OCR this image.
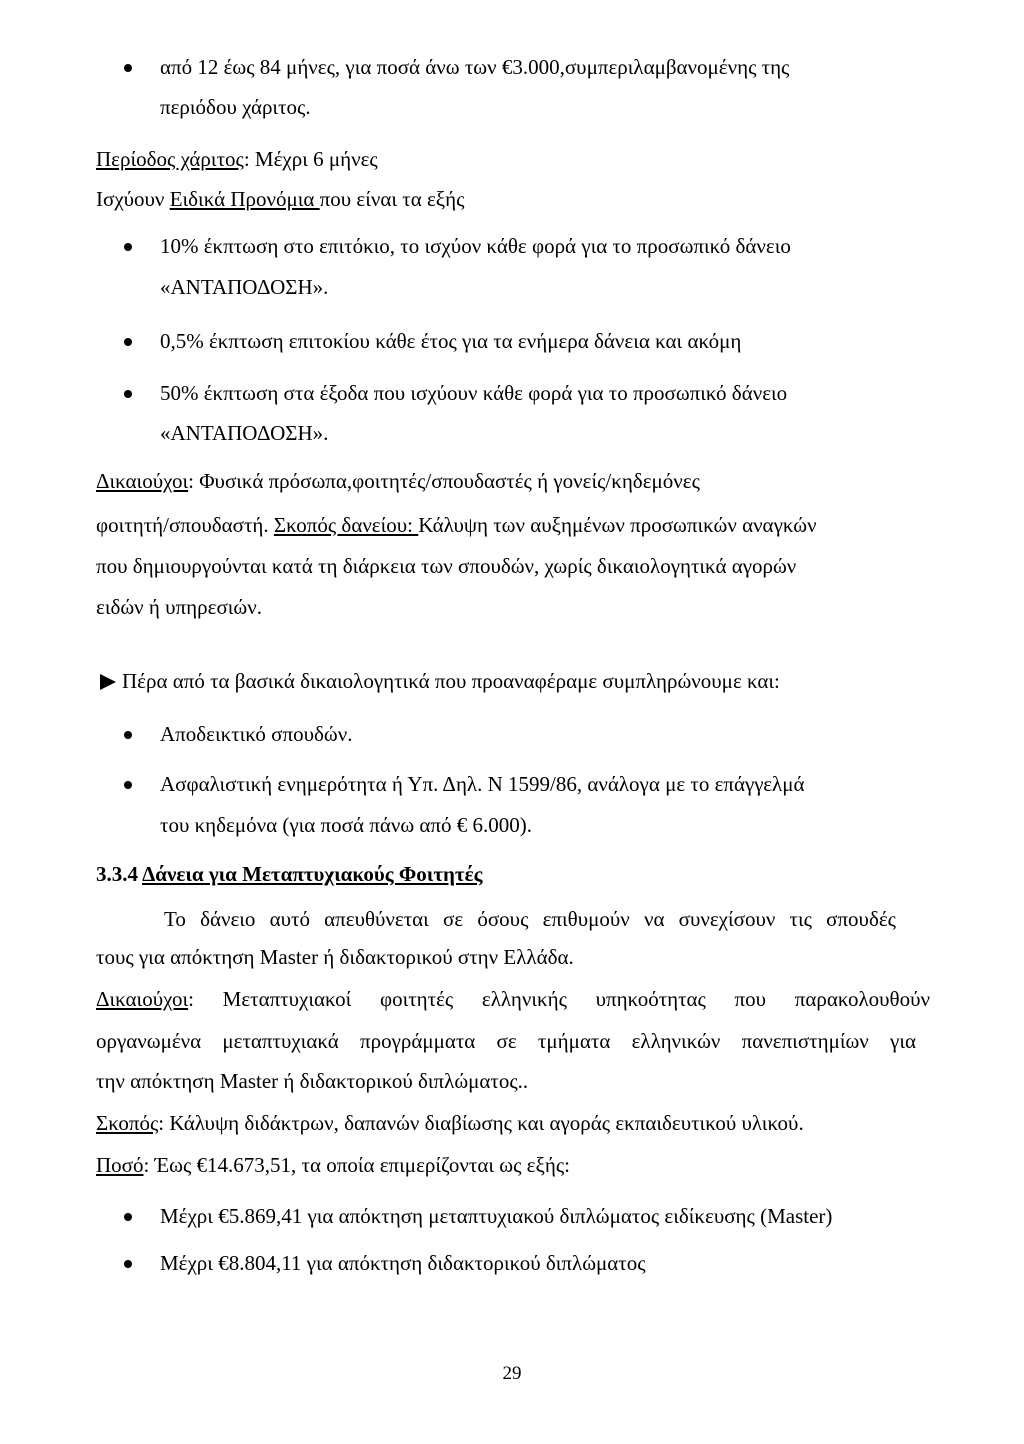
από 12 έως 84 μήνες, για ποσά άνω των €3.000,συμπεριλαμβανομένης της
περιόδου χάριτος.
Περίοδος χάριτος: Μέχρι 6 μήνες
Ισχύουν Ειδικά Προνόμια που είναι τα εξής
10% έκπτωση στο επιτόκιο, το ισχύον κάθε φορά για το προσωπικό δάνειο
«ΑΝΤΑΠΟΔΟΣΗ».
0,5% έκπτωση επιτοκίου κάθε έτος για τα ενήμερα δάνεια και ακόμη
50% έκπτωση στα έξοδα που ισχύουν κάθε φορά για το προσωπικό δάνειο
«ΑΝΤΑΠΟΔΟΣΗ».
Δικαιούχοι: Φυσικά πρόσωπα,φοιτητές/σπουδαστές ή γονείς/κηδεμόνες
φοιτητή/σπουδαστή. Σκοπός δανείου: Κάλυψη των αυξημένων προσωπικών αναγκών
που δημιουργούνται κατά τη διάρκεια των σπουδών, χωρίς δικαιολογητικά αγορών
ειδών ή υπηρεσιών.
Πέρα από τα βασικά δικαιολογητικά που προαναφέραμε συμπληρώνουμε και:
Αποδεικτικό σπουδών.
Ασφαλιστική ενημερότητα ή Υπ. Δηλ. Ν 1599/86, ανάλογα με το επάγγελμά
του κηδεμόνα (για ποσά πάνω από € 6.000).
3.3.4 Δάνεια για Μεταπτυχιακούς Φοιτητές
Το δάνειο αυτό απευθύνεται σε όσους επιθυμούν να συνεχίσουν τις σπουδές
τους για απόκτηση Master ή διδακτορικού στην Ελλάδα.
Δικαιούχοι: Μεταπτυχιακοί φοιτητές ελληνικής υπηκοότητας που παρακολουθούν
οργανωμένα μεταπτυχιακά προγράμματα σε τμήματα ελληνικών πανεπιστημίων για
την απόκτηση Master ή διδακτορικού διπλώματος..
Σκοπός: Κάλυψη διδάκτρων, δαπανών διαβίωσης και αγοράς εκπαιδευτικού υλικού.
Ποσό: Έως €14.673,51, τα οποία επιμερίζονται ως εξής:
Μέχρι €5.869,41 για απόκτηση μεταπτυχιακού διπλώματος ειδίκευσης (Master)
Μέχρι €8.804,11 για απόκτηση διδακτορικού διπλώματος
29
